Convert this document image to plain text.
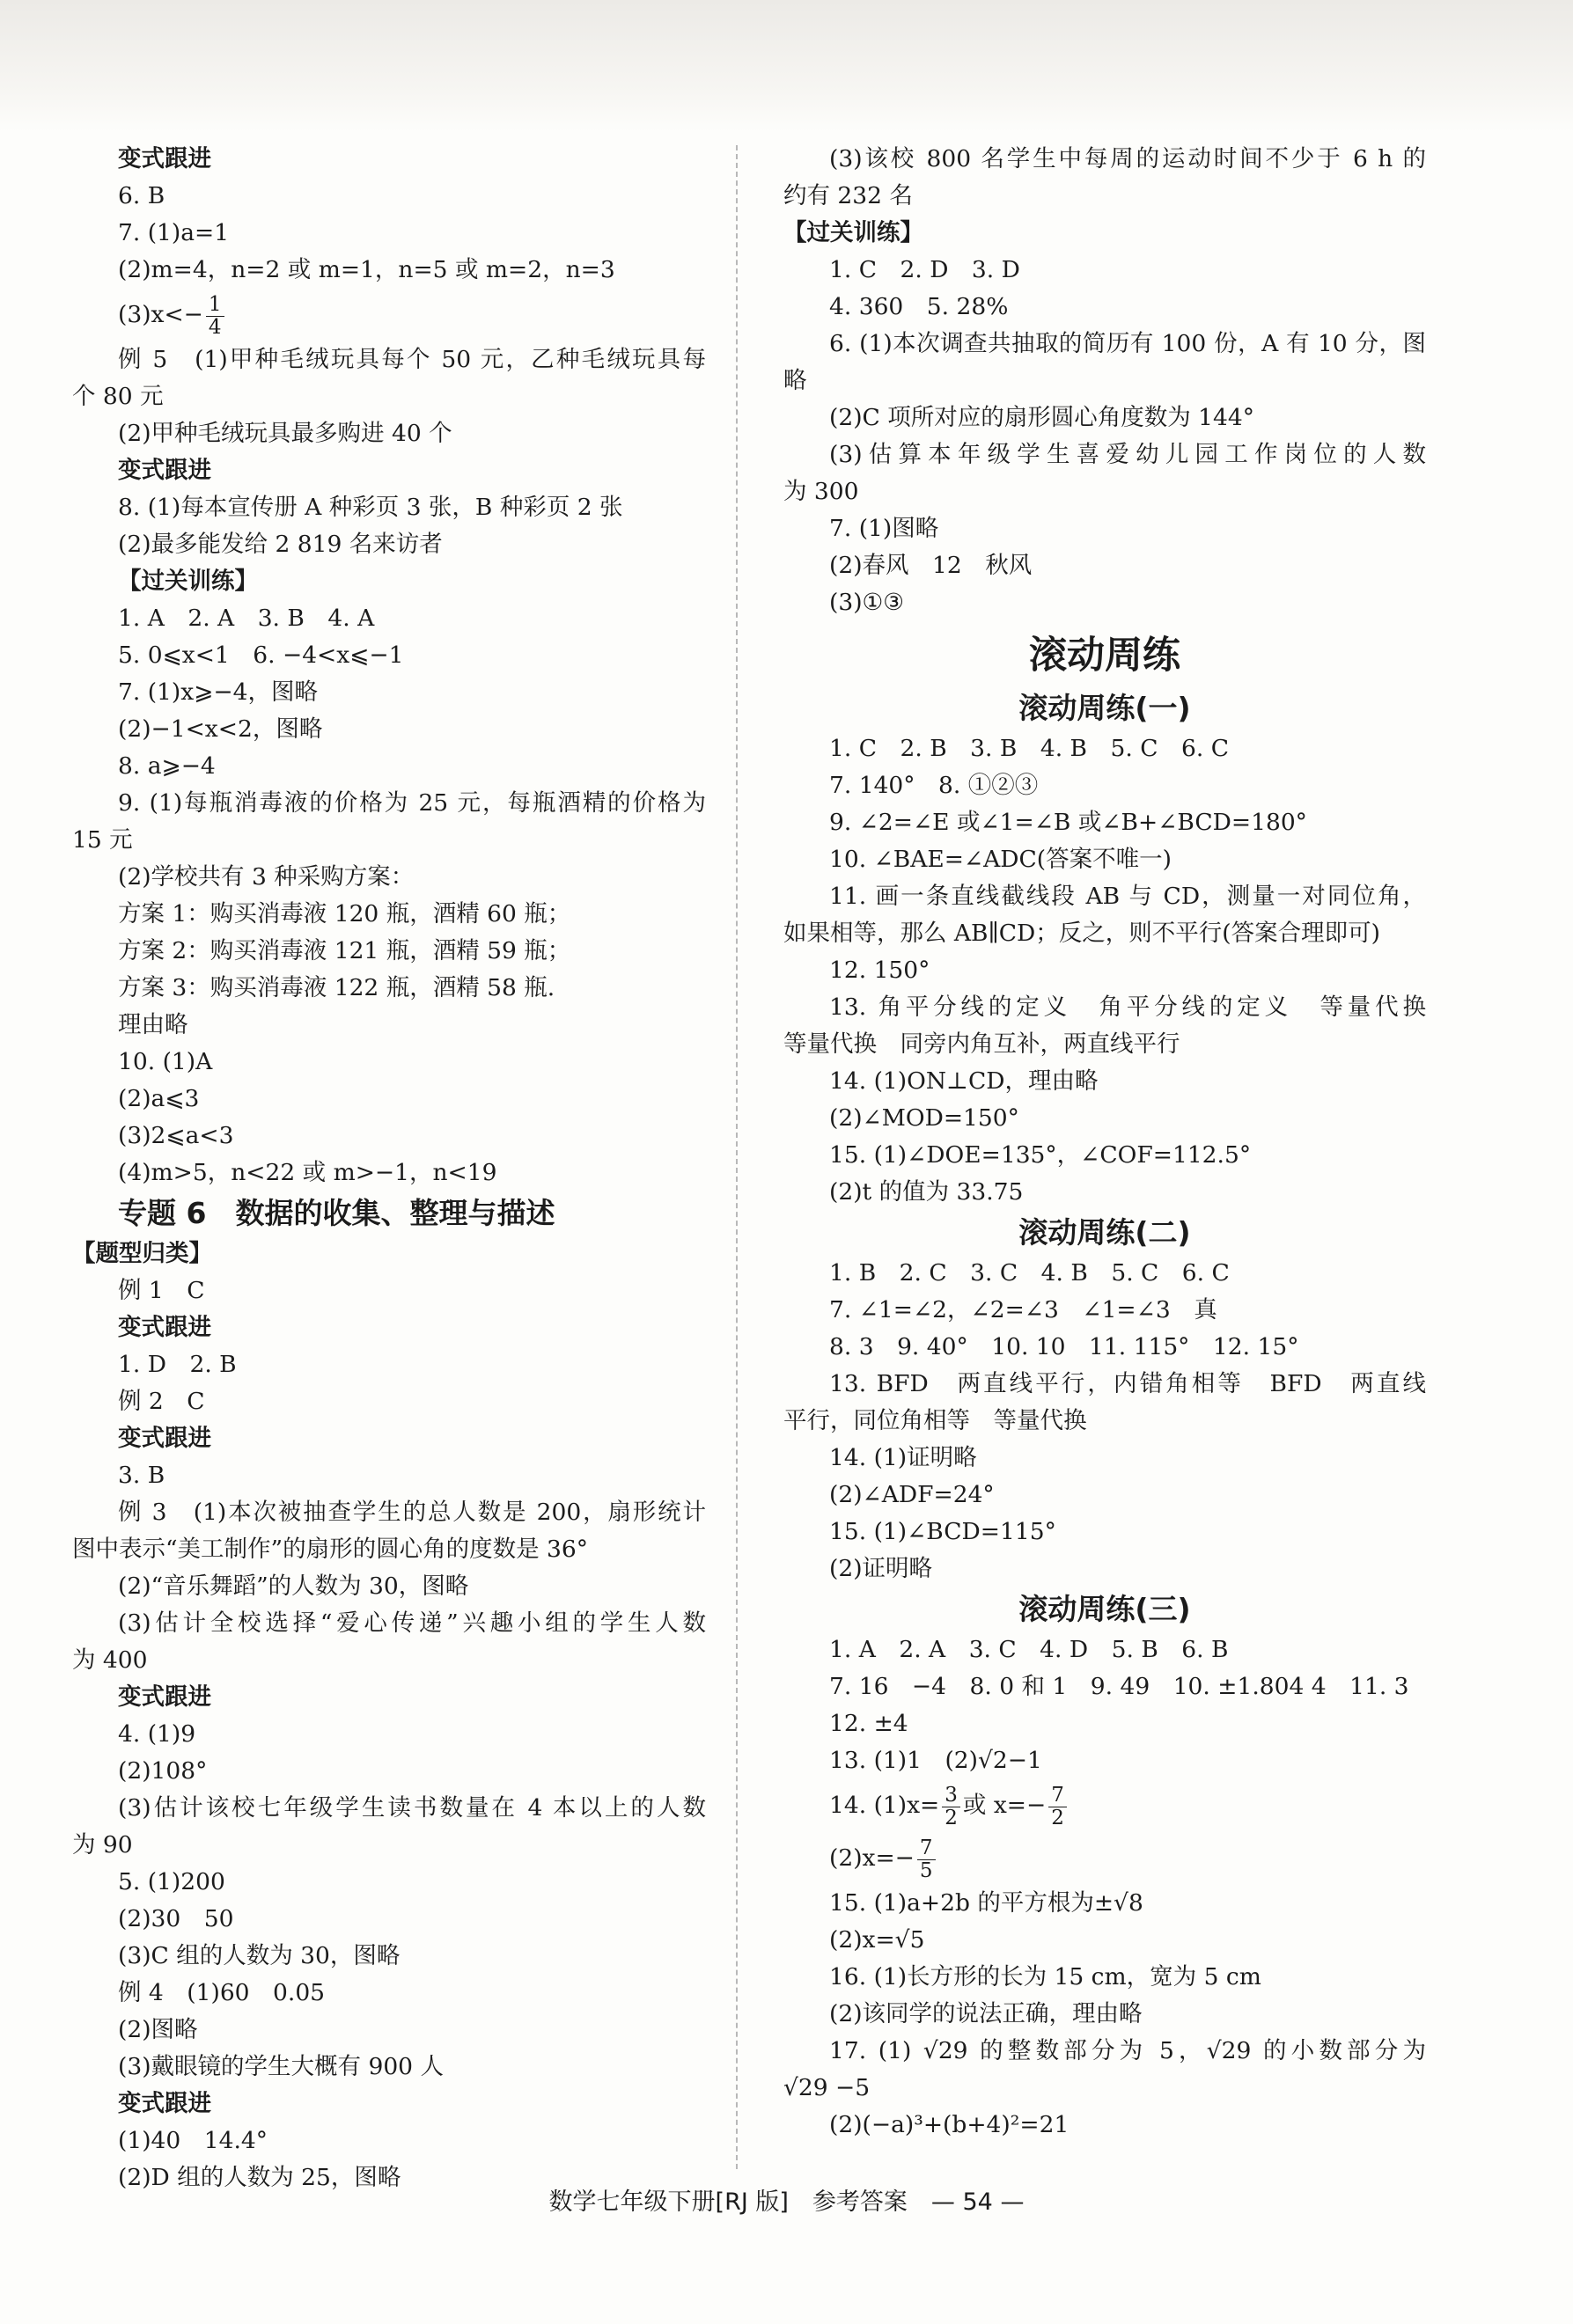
变式跟进
6. B
7. (1)a=1
(2)m=4，n=2 或 m=1，n=5 或 m=2，n=3
$(3)x<- \frac{1}{4}$
例 5　(1)甲种毛绒玩具每个 50 元，乙种毛绒玩具每
个 80 元
(2)甲种毛绒玩具最多购进 40 个
变式跟进
8. (1)每本宣传册 A 种彩页 3 张，B 种彩页 2 张
(2)最多能发给 2 819 名来访者
【过关训练】
1. A　2. A　3. B　4. A
5. 0⩽x<1　6. −4<x⩽−1
7. (1)x⩾−4，图略
(2)−1<x<2，图略
8. a⩾−4
9. (1)每瓶消毒液的价格为 25 元，每瓶酒精的价格为
15 元
(2)学校共有 3 种采购方案：
方案 1：购买消毒液 120 瓶，酒精 60 瓶；
方案 2：购买消毒液 121 瓶，酒精 59 瓶；
方案 3：购买消毒液 122 瓶，酒精 58 瓶.
理由略
10. (1)A
(2)a⩽3
(3)2⩽a<3
(4)m>5，n<22 或 m>−1，n<19
专题 6　数据的收集、整理与描述
【题型归类】
例 1　C
变式跟进
1. D　2. B
例 2　C
变式跟进
3. B
例 3　(1)本次被抽查学生的总人数是 200，扇形统计
图中表示“美工制作”的扇形的圆心角的度数是 36°
(2)“音乐舞蹈”的人数为 30，图略
(3)估计全校选择“爱心传递”兴趣小组的学生人数
为 400
变式跟进
4. (1)9
(2)108°
(3)估计该校七年级学生读书数量在 4 本以上的人数
为 90
5. (1)200
(2)30　50
(3)C 组的人数为 30，图略
例 4　(1)60　0.05
(2)图略
(3)戴眼镜的学生大概有 900 人
变式跟进
(1)40　14.4°
(2)D 组的人数为 25，图略
(3)该校 800 名学生中每周的运动时间不少于 6 h 的
约有 232 名
【过关训练】
1. C　2. D　3. D
4. 360　5. 28%
6. (1)本次调查共抽取的简历有 100 份，A 有 10 分，图
略
(2)C 项所对应的扇形圆心角度数为 144°
(3)估算本年级学生喜爱幼儿园工作岗位的人数
为 300
7. (1)图略
(2)春风　12　秋风
(3)①③
滚动周练
滚动周练(一)
1. C　2. B　3. B　4. B　5. C　6. C
7. 140°　8. ①②③
9. ∠2=∠E 或∠1=∠B 或∠B+∠BCD=180°
10. ∠BAE=∠ADC(答案不唯一)
11. 画一条直线截线段 AB 与 CD，测量一对同位角，
如果相等，那么 AB∥CD；反之，则不平行(答案合理即可)
12. 150°
13. 角平分线的定义　角平分线的定义　等量代换
等量代换　同旁内角互补，两直线平行
14. (1)ON⊥CD，理由略
(2)∠MOD=150°
15. (1)∠DOE=135°，∠COF=112.5°
(2)t 的值为 33.75
滚动周练(二)
1. B　2. C　3. C　4. B　5. C　6. C
7. ∠1=∠2，∠2=∠3　∠1=∠3　真
8. 3　9. 40°　10. 10　11. 115°　12. 15°
13. BFD　两直线平行，内错角相等　BFD　两直线
平行，同位角相等　等量代换
14. (1)证明略
(2)∠ADF=24°
15. (1)∠BCD=115°
(2)证明略
滚动周练(三)
1. A　2. A　3. C　4. D　5. B　6. B
7. 16　−4　8. 0 和 1　9. 49　10. ±1.804 4　11. 3
12. ±4
13. (1)1　(2)√2−1
14. $(1)x= \frac{3}{2}$ 或 $x=- \frac{7}{2}$
$(2)x=- \frac{7}{5}$
15. (1)a+2b 的平方根为±√8
(2)x=√5
16. (1)长方形的长为 15 cm，宽为 5 cm
(2)该同学的说法正确，理由略
17. (1) √29 的整数部分为 5，√29 的小数部分为
√29 −5
(2)(−a)³+(b+4)²=21
数学七年级下册[RJ 版]　参考答案　— 54 —
